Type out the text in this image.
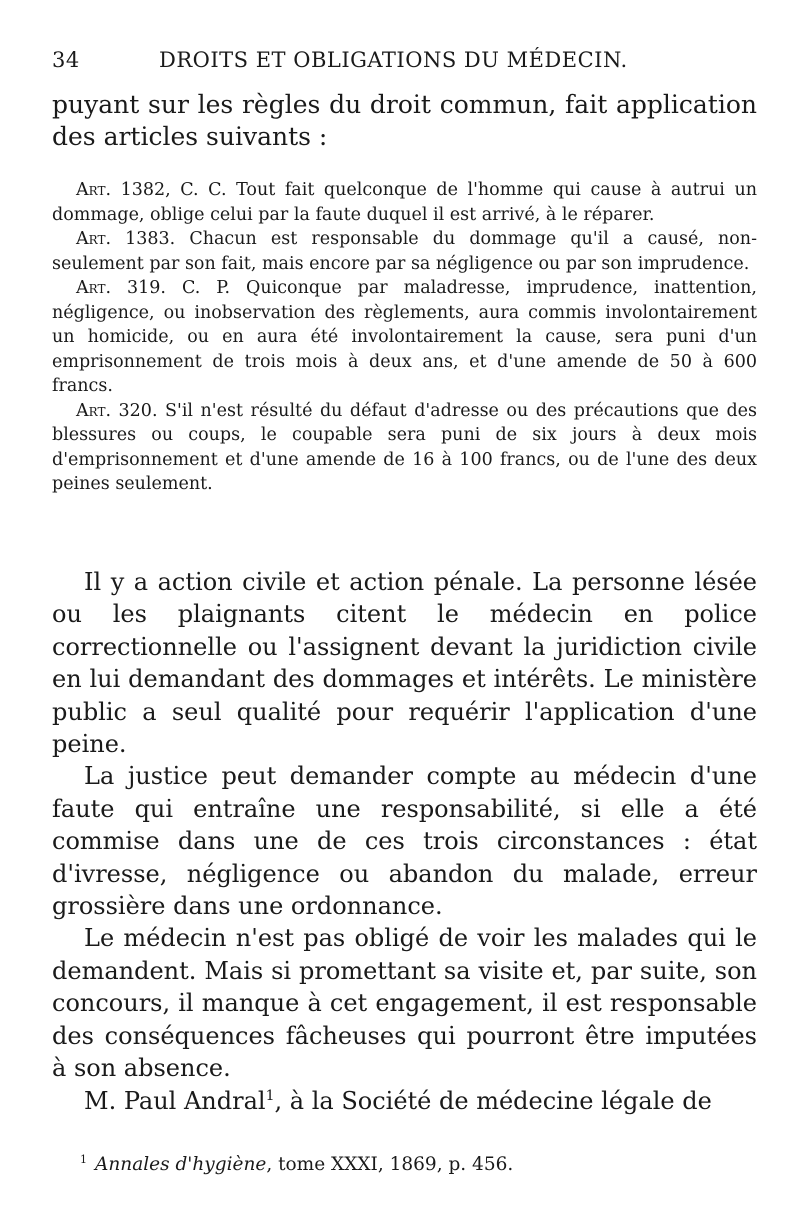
34	DROITS ET OBLIGATIONS DU MÉDECIN.
puyant sur les règles du droit commun, fait application des articles suivants :

Art. 1382, C. C. Tout fait quelconque de l'homme qui cause à autrui un dommage, oblige celui par la faute duquel il est arrivé, à le réparer.

Art. 1383. Chacun est responsable du dommage qu'il a causé, non-seulement par son fait, mais encore par sa négligence ou par son imprudence.

Art. 319. C. P. Quiconque par maladresse, imprudence, inattention, négligence, ou inobservation des règlements, aura commis involontairement un homicide, ou en aura été involontairement la cause, sera puni d'un emprisonnement de trois mois à deux ans, et d'une amende de 50 à 600 francs.

Art. 320. S'il n'est résulté du défaut d'adresse ou des précautions que des blessures ou coups, le coupable sera puni de six jours à deux mois d'emprisonnement et d'une amende de 16 à 100 francs, ou de l'une des deux peines seulement.

Il y a action civile et action pénale. La personne lésée ou les plaignants citent le médecin en police correctionnelle ou l'assignent devant la juridiction civile en lui demandant des dommages et intérêts. Le ministère public a seul qualité pour requérir l'application d'une peine.

La justice peut demander compte au médecin d'une faute qui entraîne une responsabilité, si elle a été commise dans une de ces trois circonstances : état d'ivresse, négligence ou abandon du malade, erreur grossière dans une ordonnance.

Le médecin n'est pas obligé de voir les malades qui le demandent. Mais si promettant sa visite et, par suite, son concours, il manque à cet engagement, il est responsable des conséquences fâcheuses qui pourront être imputées à son absence.

M. Paul Andral$^1$, à la Société de médecine légale de

$^1$ Annales d'hygiène, tome XXXI, 1869, p. 456.
